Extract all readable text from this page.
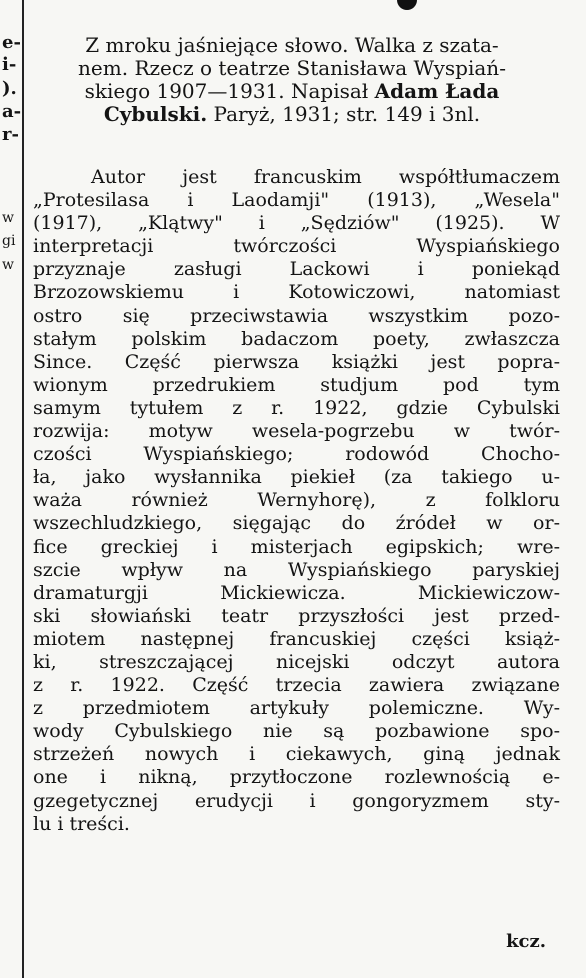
e-
i-
).
a-
r-
w
gi
w
Z mroku jaśniejące słowo. Walka z szata-
nem. Rzecz o teatrze Stanisława Wyspiań-
skiego 1907—1931. Napisał Adam Łada
Cybulski. Paryż, 1931; str. 149 i 3nl.
Autor jest francuskim współtłumaczem
„Protesilasa i Laodamji" (1913), „Wesela"
(1917), „Klątwy" i „Sędziów" (1925). W
interpretacji twórczości Wyspiańskiego
przyznaje zasługi Lackowi i poniekąd
Brzozowskiemu i Kotowiczowi, natomiast
ostro się przeciwstawia wszystkim pozo-
stałym polskim badaczom poety, zwłaszcza
Since. Część pierwsza książki jest popra-
wionym przedrukiem studjum pod tym
samym tytułem z r. 1922, gdzie Cybulski
rozwija: motyw wesela-pogrzebu w twór-
czości Wyspiańskiego; rodowód Chocho-
ła, jako wysłannika piekieł (za takiego u-
waża również Wernyhorę), z folkloru
wszechludzkiego, sięgając do źródeł w or-
fice greckiej i misterjach egipskich; wre-
szcie wpływ na Wyspiańskiego paryskiej
dramaturgji Mickiewicza. Mickiewiczow-
ski słowiański teatr przyszłości jest przed-
miotem następnej francuskiej części książ-
ki, streszczającej nicejski odczyt autora
z r. 1922. Część trzecia zawiera związane
z przedmiotem artykuły polemiczne. Wy-
wody Cybulskiego nie są pozbawione spo-
strzeżeń nowych i ciekawych, giną jednak
one i nikną, przytłoczone rozlewnością e-
gzegetycznej erudycji i gongoryzmem sty-
lu i treści.
kcz.
